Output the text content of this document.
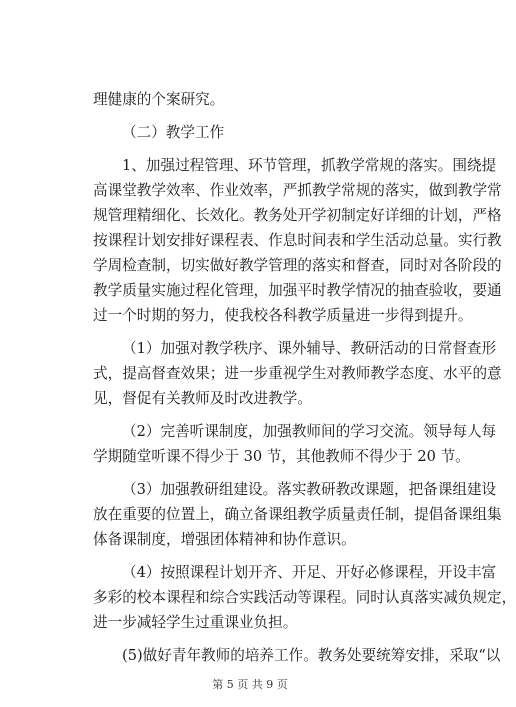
理健康的个案研究。
（二）教学工作
1、加强过程管理、环节管理，抓教学常规的落实。围绕提
高课堂教学效率、作业效率，严抓教学常规的落实，做到教学常
规管理精细化、长效化。教务处开学初制定好详细的计划，严格
按课程计划安排好课程表、作息时间表和学生活动总量。实行教
学周检查制，切实做好教学管理的落实和督查，同时对各阶段的
教学质量实施过程化管理，加强平时教学情况的抽查验收，要通
过一个时期的努力，使我校各科教学质量进一步得到提升。
（1）加强对教学秩序、课外辅导、教研活动的日常督查形
式，提高督查效果；进一步重视学生对教师教学态度、水平的意
见，督促有关教师及时改进教学。
（2）完善听课制度，加强教师间的学习交流。领导每人每
学期随堂听课不得少于 30 节，其他教师不得少于 20 节。
（3）加强教研组建设。落实教研教改课题，把备课组建设
放在重要的位置上，确立备课组教学质量责任制，提倡备课组集
体备课制度，增强团体精神和协作意识。
（4）按照课程计划开齐、开足、开好必修课程，开设丰富
多彩的校本课程和综合实践活动等课程。同时认真落实减负规定，
进一步减轻学生过重课业负担。
(5)做好青年教师的培养工作。教务处要统筹安排，采取“以
第 5 页 共 9 页
